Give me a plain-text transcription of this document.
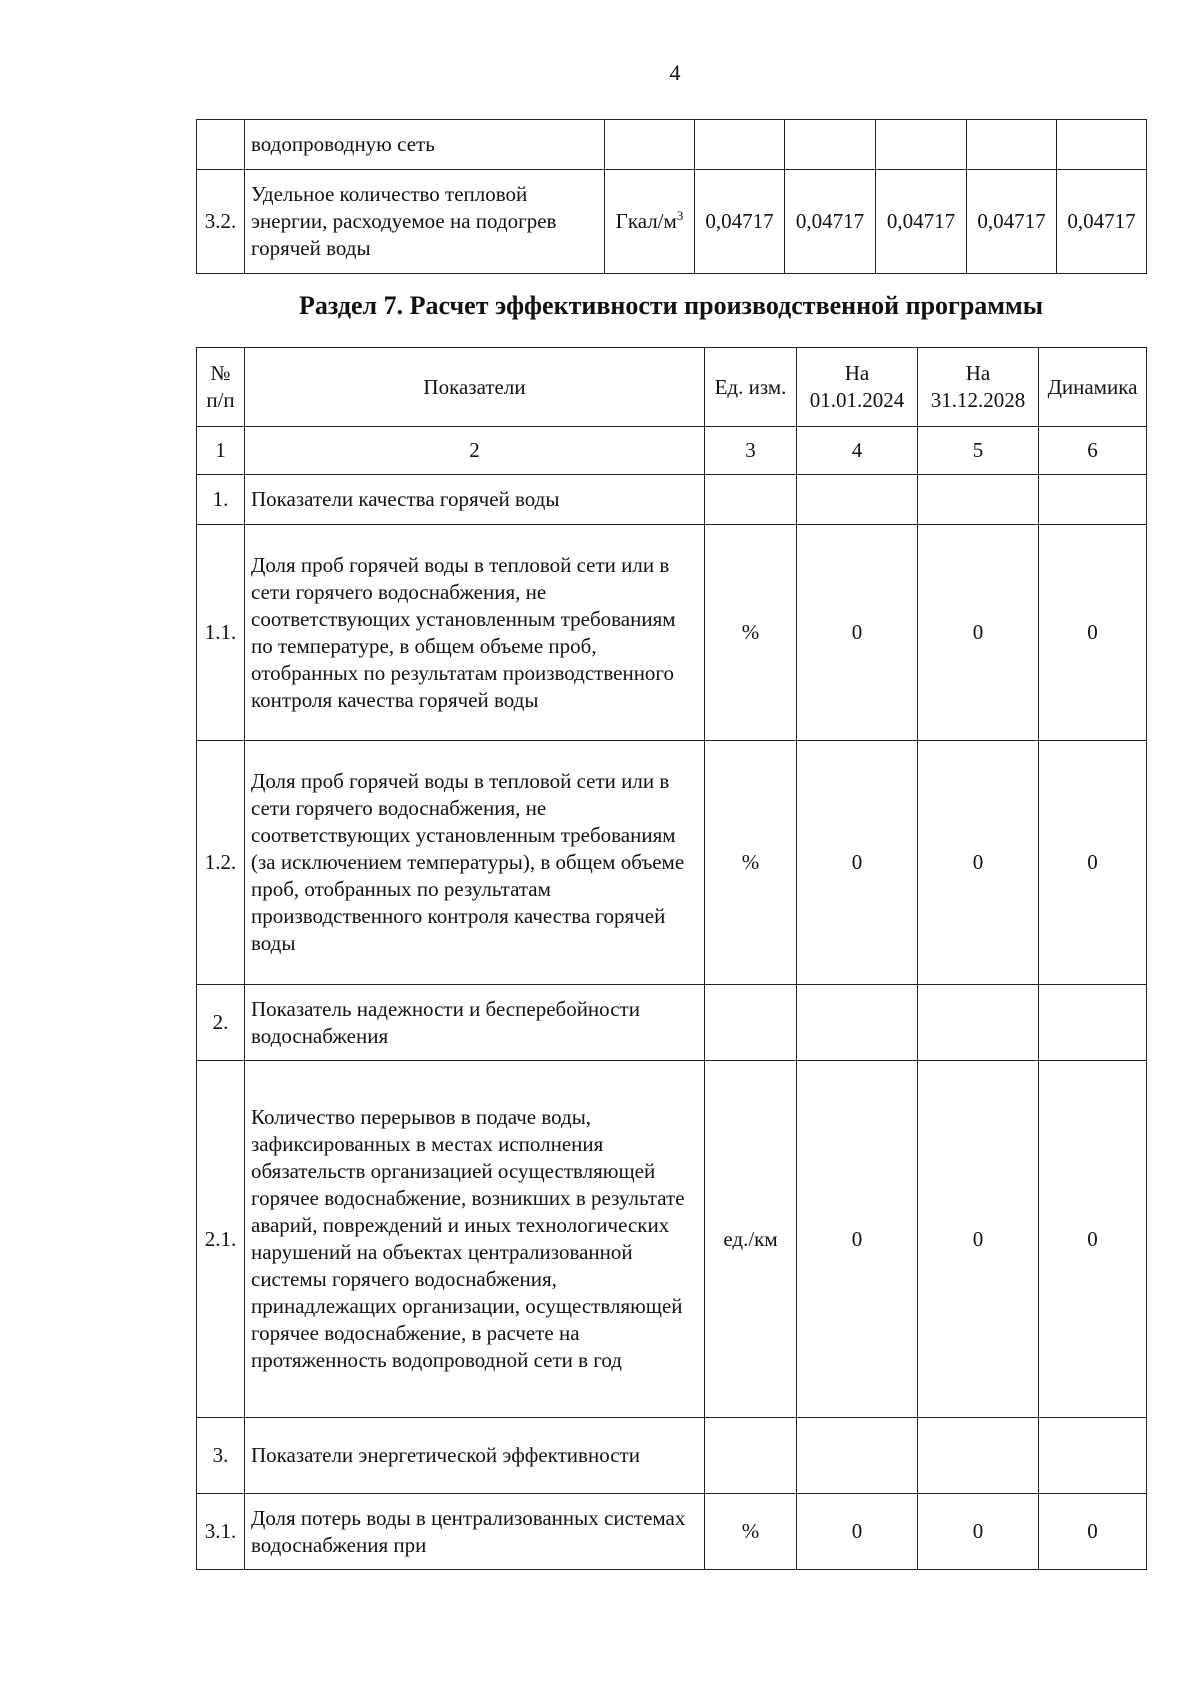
4
	водопроводную сеть						
3.2.	Удельное количество тепловой энергии, расходуемое на подогрев горячей воды	Гкал/$м^3$	0,04717	0,04717	0,04717	0,04717	0,04717
Раздел 7. Расчет эффективности производственной программы
№ п/п	Показатели	Ед. изм.	На 01.01.2024	На 31.12.2028	Динамика
1	2	3	4	5	6
1.	Показатели качества горячей воды				
1.1.	Доля проб горячей воды в тепловой сети или в сети горячего водоснабжения, не соответствующих установленным требованиям по температуре, в общем объеме проб, отобранных по результатам производственного контроля качества горячей воды	%	0	0	0
1.2.	Доля проб горячей воды в тепловой сети или в сети горячего водоснабжения, не соответствующих установленным требованиям (за исключением температуры), в общем объеме проб, отобранных по результатам производственного контроля качества горячей воды	%	0	0	0
2.	Показатель надежности и бесперебойности водоснабжения				
2.1.	Количество перерывов в подаче воды, зафиксированных в местах исполнения обязательств организацией осуществляющей горячее водоснабжение, возникших в результате аварий, повреждений и иных технологических нарушений на объектах централизованной системы горячего водоснабжения, принадлежащих организации, осуществляющей горячее водоснабжение, в расчете на протяженность водопроводной сети в год	ед./км	0	0	0
3.	Показатели энергетической эффективности				
3.1.	Доля потерь воды в централизованных системах водоснабжения при	%	0	0	0
